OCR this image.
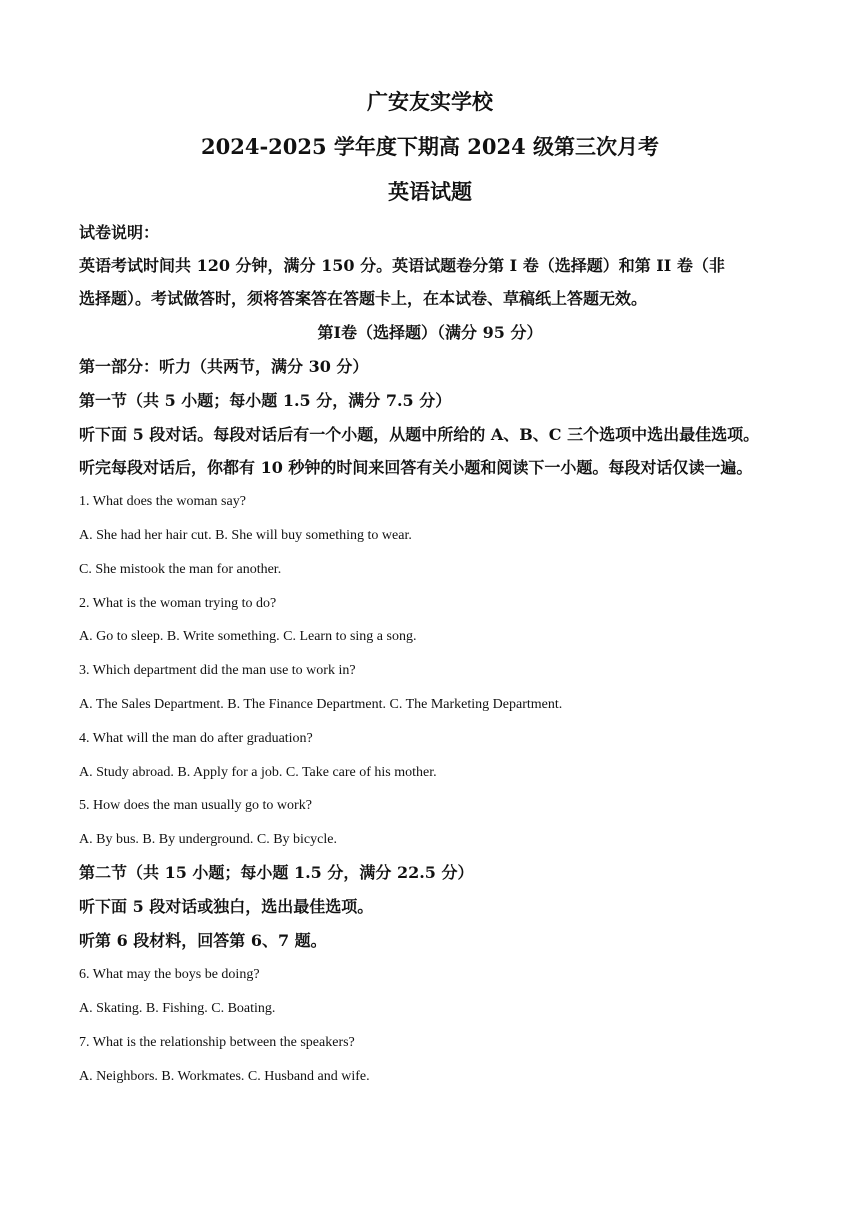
广安友实学校
2024-2025 学年度下期高 2024 级第三次月考
英语试题
试卷说明：
英语考试时间共 120 分钟，满分 150 分。英语试题卷分第 Ⅰ 卷（选择题）和第 ⅠⅠ 卷（非
选择题）。考试做答时，须将答案答在答题卡上，在本试卷、草稿纸上答题无效。
第Ⅰ卷（选择题）（满分 95 分）
第一部分：听力（共两节，满分 30 分）
第一节（共 5 小题；每小题 1.5 分，满分 7.5 分）
听下面 5 段对话。每段对话后有一个小题，从题中所给的 A、B、C 三个选项中选出最佳选项。
听完每段对话后，你都有 10 秒钟的时间来回答有关小题和阅读下一小题。每段对话仅读一遍。
1. What does the woman say?
A. She had her hair cut. B. She will buy something to wear.
C. She mistook the man for another.
2. What is the woman trying to do?
A. Go to sleep. B. Write something. C. Learn to sing a song.
3. Which department did the man use to work in?
A. The Sales Department. B. The Finance Department. C. The Marketing Department.
4. What will the man do after graduation?
A. Study abroad. B. Apply for a job. C. Take care of his mother.
5. How does the man usually go to work?
A. By bus. B. By underground. C. By bicycle.
第二节（共 15 小题；每小题 1.5 分，满分 22.5 分）
听下面 5 段对话或独白，选出最佳选项。
听第 6 段材料，回答第 6、7 题。
6. What may the boys be doing?
A. Skating. B. Fishing. C. Boating.
7. What is the relationship between the speakers?
A. Neighbors. B. Workmates. C. Husband and wife.
